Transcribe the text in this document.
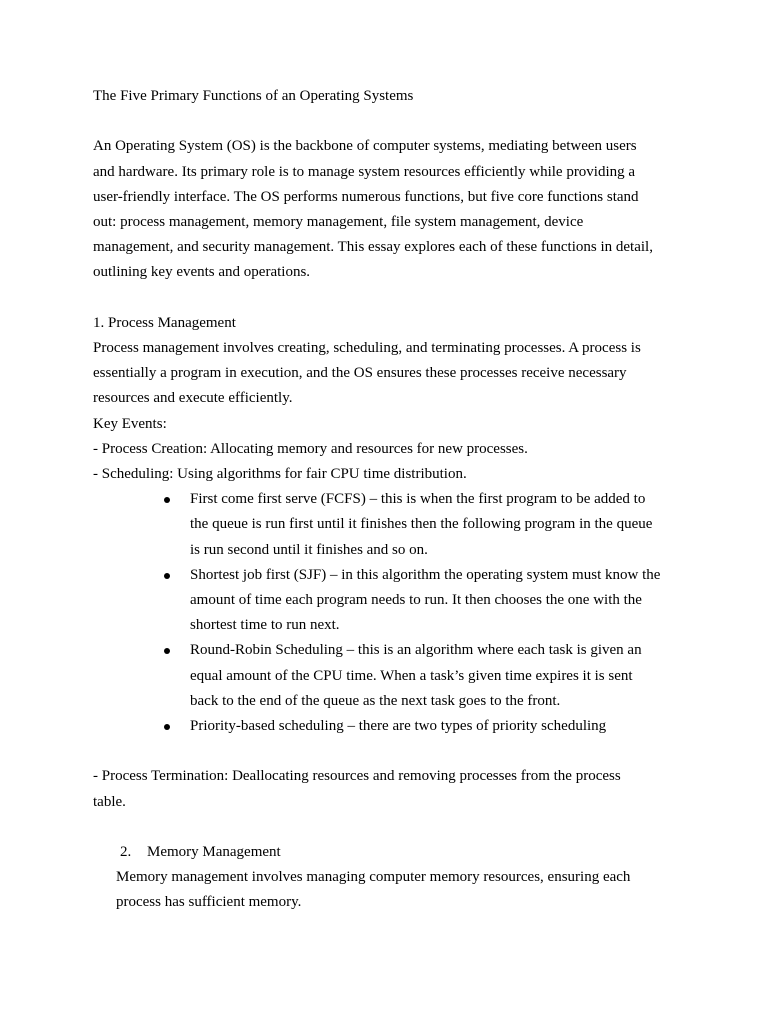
The Five Primary Functions of an Operating Systems

An Operating System (OS) is the backbone of computer systems, mediating between users
and hardware. Its primary role is to manage system resources efficiently while providing a
user-friendly interface. The OS performs numerous functions, but five core functions stand
out: process management, memory management, file system management, device
management, and security management. This essay explores each of these functions in detail,
outlining key events and operations.

1. Process Management

Process management involves creating, scheduling, and terminating processes. A process is
essentially a program in execution, and the OS ensures these processes receive necessary
resources and execute efficiently.

Key Events:

- Process Creation: Allocating memory and resources for new processes.

- Scheduling: Using algorithms for fair CPU time distribution.

First come first serve (FCFS) – this is when the first program to be added to
the queue is run first until it finishes then the following program in the queue
is run second until it finishes and so on.
Shortest job first (SJF) – in this algorithm the operating system must know the
amount of time each program needs to run. It then chooses the one with the
shortest time to run next.
Round-Robin Scheduling – this is an algorithm where each task is given an
equal amount of the CPU time. When a task’s given time expires it is sent
back to the end of the queue as the next task goes to the front.
Priority-based scheduling – there are two types of priority scheduling
- Process Termination: Deallocating resources and removing processes from the process
table.
2. Memory Management
Memory management involves managing computer memory resources, ensuring each
process has sufficient memory.
